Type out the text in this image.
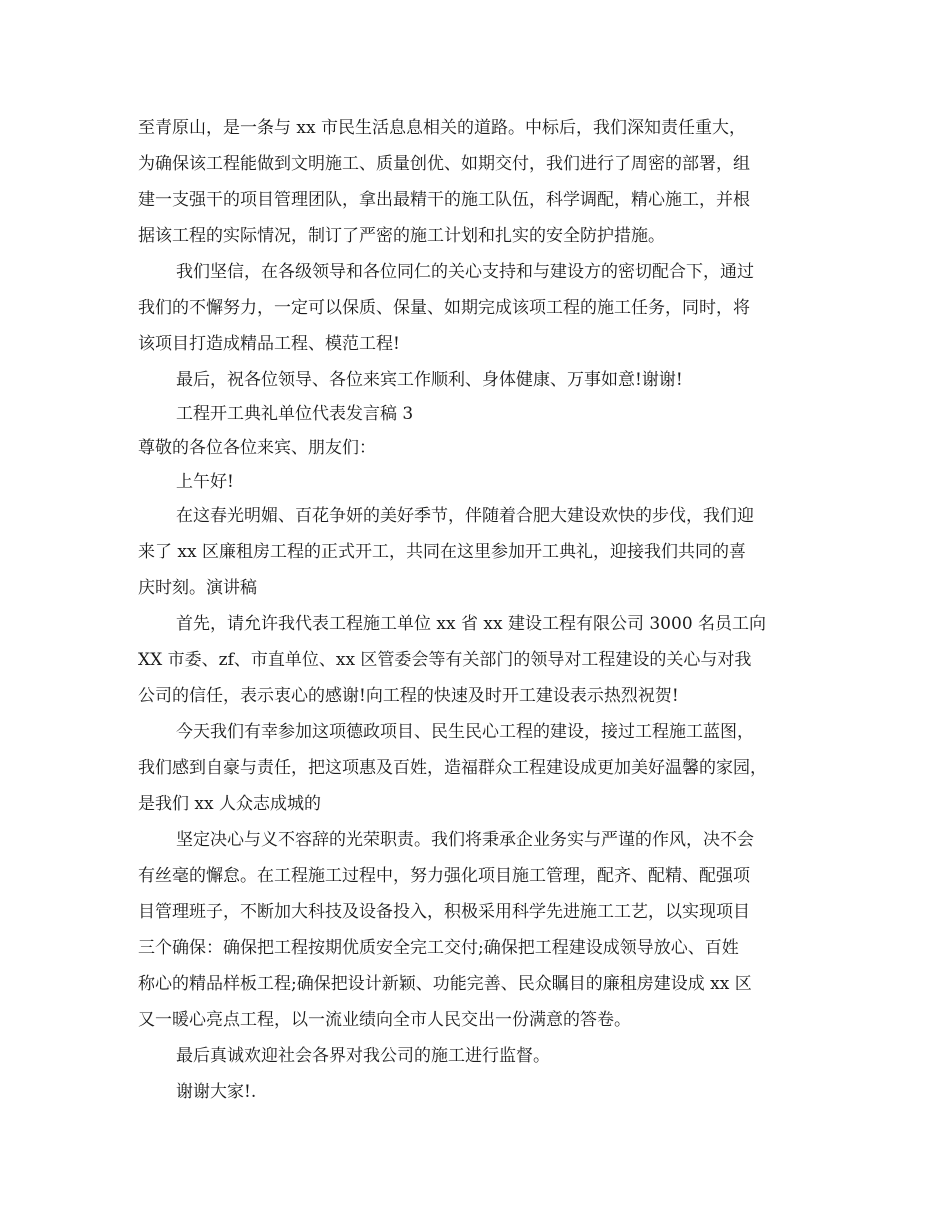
至青原山，是一条与 xx 市民生活息息相关的道路。中标后，我们深知责任重大，
为确保该工程能做到文明施工、质量创优、如期交付，我们进行了周密的部署，组
建一支强干的项目管理团队，拿出最精干的施工队伍，科学调配，精心施工，并根
据该工程的实际情况，制订了严密的施工计划和扎实的安全防护措施。
我们坚信，在各级领导和各位同仁的关心支持和与建设方的密切配合下，通过
我们的不懈努力，一定可以保质、保量、如期完成该项工程的施工任务，同时，将
该项目打造成精品工程、模范工程!
最后，祝各位领导、各位来宾工作顺利、身体健康、万事如意!谢谢!
工程开工典礼单位代表发言稿 3
尊敬的各位各位来宾、朋友们：
上午好!
在这春光明媚、百花争妍的美好季节，伴随着合肥大建设欢快的步伐，我们迎
来了 xx 区廉租房工程的正式开工，共同在这里参加开工典礼，迎接我们共同的喜
庆时刻。演讲稿
首先，请允许我代表工程施工单位 xx 省 xx 建设工程有限公司 3000 名员工向
XX 市委、zf、市直单位、xx 区管委会等有关部门的领导对工程建设的关心与对我
公司的信任，表示衷心的感谢!向工程的快速及时开工建设表示热烈祝贺!
今天我们有幸参加这项德政项目、民生民心工程的建设，接过工程施工蓝图，
我们感到自豪与责任，把这项惠及百姓，造福群众工程建设成更加美好温馨的家园，
是我们 xx 人众志成城的
坚定决心与义不容辞的光荣职责。我们将秉承企业务实与严谨的作风，决不会
有丝毫的懈怠。在工程施工过程中，努力强化项目施工管理，配齐、配精、配强项
目管理班子，不断加大科技及设备投入，积极采用科学先进施工工艺，以实现项目
三个确保：确保把工程按期优质安全完工交付;确保把工程建设成领导放心、百姓
称心的精品样板工程;确保把设计新颖、功能完善、民众瞩目的廉租房建设成 xx 区
又一暖心亮点工程，以一流业绩向全市人民交出一份满意的答卷。
最后真诚欢迎社会各界对我公司的施工进行监督。
谢谢大家!.
